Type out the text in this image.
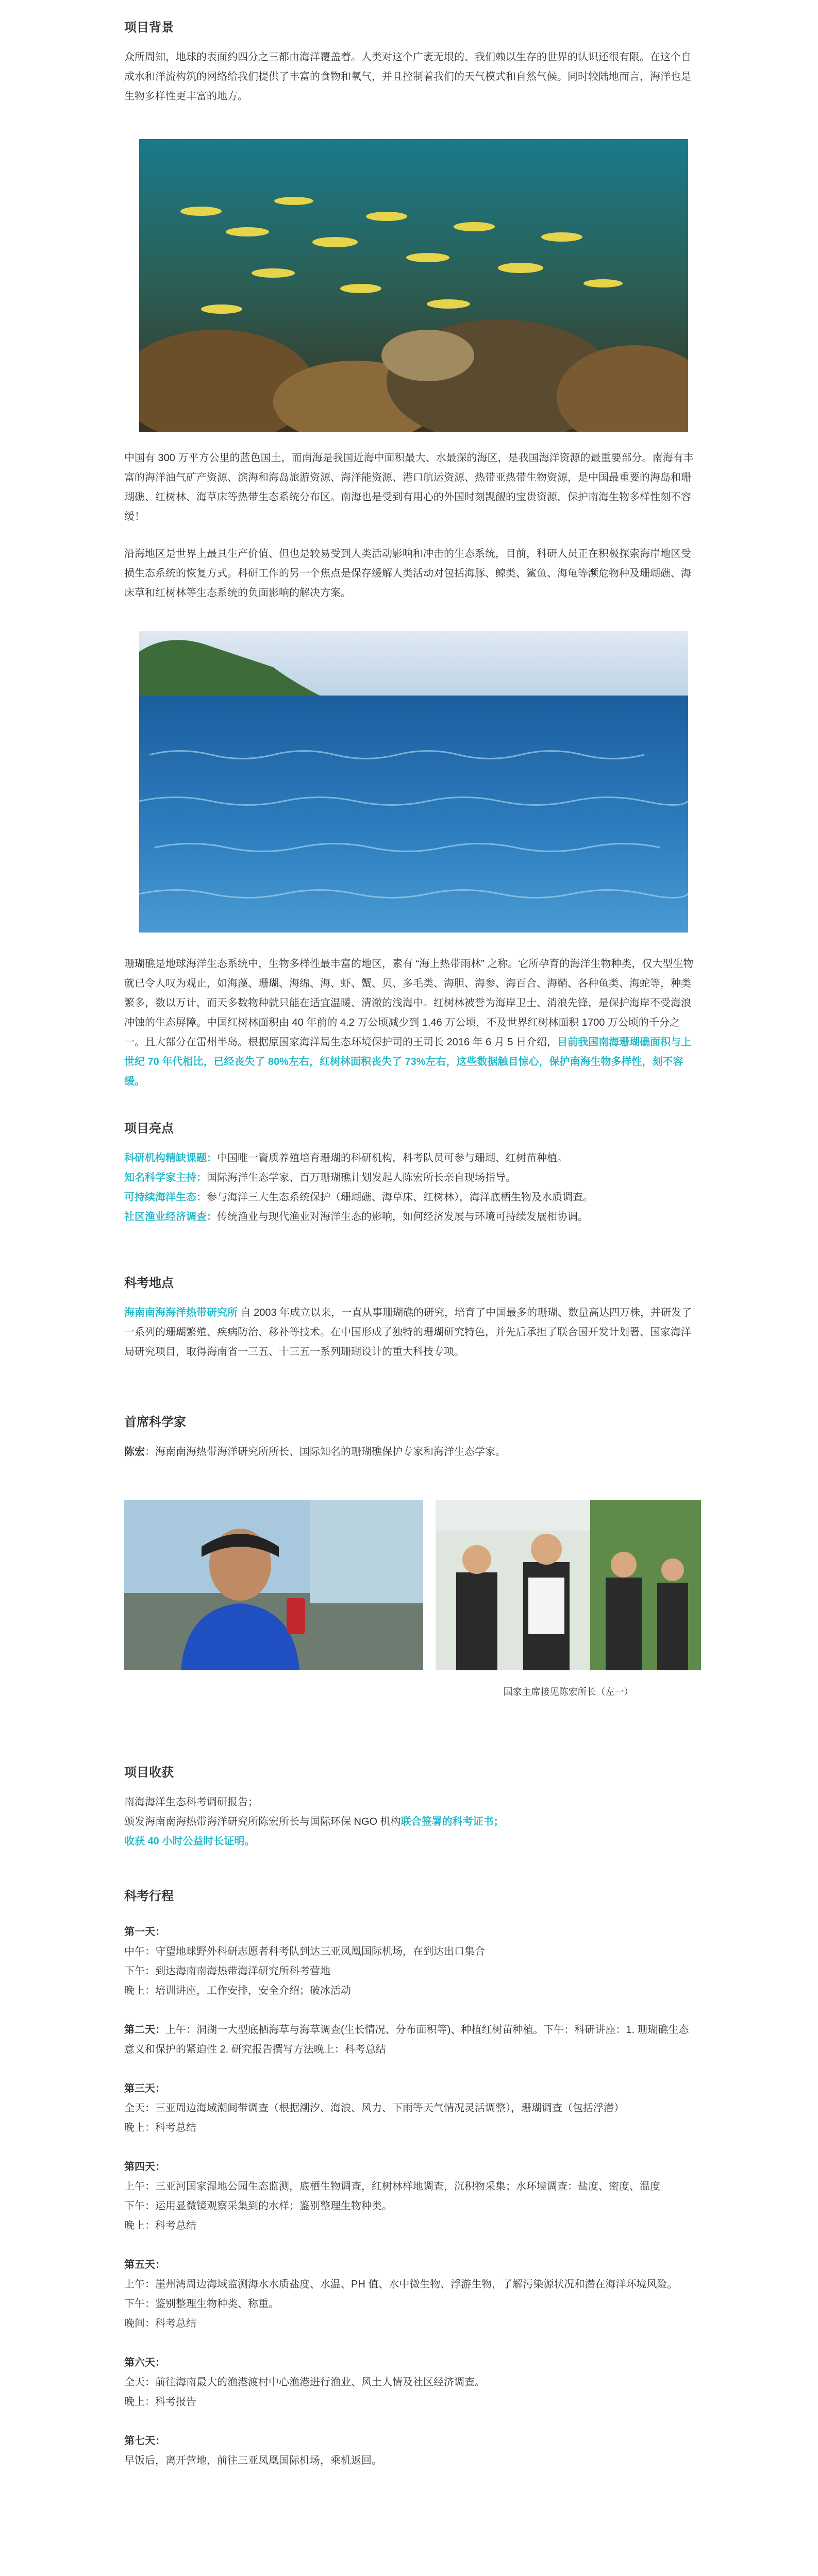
项目背景

众所周知，地球的表面约四分之三都由海洋覆盖着。人类对这个广袤无垠的、我们赖以生存的世界的认识还很有限。在这个自成水和洋流构筑的网络给我们提供了丰富的食物和氧气，并且控制着我们的天气模式和自然气候。同时较陆地而言，海洋也是生物多样性更丰富的地方。

中国有 300 万平方公里的蓝色国土，而南海是我国近海中面积最大、水最深的海区，是我国海洋资源的最重要部分。南海有丰富的海洋油气矿产资源、滨海和海岛旅游资源、海洋能资源、港口航运资源、热带亚热带生物资源，是中国最重要的海岛和珊瑚礁、红树林、海草床等热带生态系统分布区。南海也是受到有用心的外国时刻觊觎的宝贵资源，保护南海生物多样性刻不容缓！

沿海地区是世界上最具生产价值、但也是较易受到人类活动影响和冲击的生态系统，目前，科研人员正在积极探索海岸地区受损生态系统的恢复方式。科研工作的另一个焦点是保存缓解人类活动对包括海豚、鲸类、鲨鱼、海龟等濒危物种及珊瑚礁、海床草和红树林等生态系统的负面影响的解决方案。

珊瑚礁是地球海洋生态系统中，生物多样性最丰富的地区，素有 “海上热带雨林” 之称。它所孕育的海洋生物种类，仅大型生物就已令人叹为观止，如海藻、珊瑚、海绵、海、虾、蟹、贝、多毛类、海胆、海参、海百合、海鞘、各种鱼类、海蛇等，种类繁多，数以万计，而天多数物种就只能在适宜温暖、清澈的浅海中。红树林被誉为海岸卫士、消浪先锋，是保护海岸不受海浪冲蚀的生态屏障。中国红树林面积由 40 年前的 4.2 万公顷减少到 1.46 万公顷，不及世界红树林面积 1700 万公顷的千分之一。且大部分在雷州半岛。根据原国家海洋局生态环境保护司的王司长 2016 年 6 月 5 日介绍，目前我国南海珊瑚礁面积与上世纪 70 年代相比，已经丧失了 80%左右，红树林面积丧失了 73%左右，这些数据触目惊心，保护南海生物多样性，刻不容缓。

项目亮点

科研机构精缺课题：中国唯一資质养殖培育珊瑚的科研机构，科考队员可参与珊瑚、红树苗种植。

知名科学家主持：国际海洋生态学家、百万珊瑚礁计划发起人陈宏所长亲自现场指导。

可持续海洋生态：参与海洋三大生态系统保护（珊瑚礁、海草床、红树林），海洋底栖生物及水质调查。

社区渔业经济调查：传统渔业与现代渔业对海洋生态的影响，如何经济发展与环境可持续发展相协调。

科考地点

海南南海海洋热带研究所 自 2003 年成立以来，一直从事珊瑚礁的研究，培育了中国最多的珊瑚、数量高达四万株，并研发了一系列的珊瑚繁殖、疾病防治、移补等技术。在中国形成了独特的珊瑚研究特色，并先后承担了联合国开发计划署、国家海洋局研究项目，取得海南省一三五、十三五一系列珊瑚设计的重大科技专项。

首席科学家

陈宏：海南南海热带海洋研究所所长、国际知名的珊瑚礁保护专家和海洋生态学家。

国家主席接见陈宏所长（左一）
项目收获

南海海洋生态科考调研报告；

颁发海南南海热带海洋研究所陈宏所长与国际环保 NGO 机构联合签署的科考证书；

收获 40 小时公益时长证明。

科考行程

第一天：

中午：守望地球野外科研志愿者科考队到达三亚凤凰国际机场，在到达出口集合

下午：到达海南南海热带海洋研究所科考营地

晚上：培训讲座，工作安排，安全介绍；破冰活动

第二天：上午：洞湖一大型底栖海草与海草调查(生长情况、分布面积等)、种植红树苗种植。下午：科研讲座：1. 珊瑚礁生态意义和保护的紧迫性 2. 研究报告撰写方法晚上：科考总结

第三天：

全天：三亚周边海域潮间带调查（根据潮汐、海浪、风力、下雨等天气情况灵活调整），珊瑚调查（包括浮潜）

晚上：科考总结

第四天：

上午：三亚河国家湿地公园生态监测，底栖生物调查，红树林样地调查，沉积物采集；水环境调查：盐度、密度、温度

下午：运用显微镜观察采集到的水样；鉴别整理生物种类。

晚上：科考总结

第五天：

上午：崖州湾周边海域监测海水水质盐度、水温、PH 值、水中微生物、浮游生物，了解污染源状况和潜在海洋环境风险。

下午：鉴别整理生物种类、称重。

晚间：科考总结

第六天：

全天：前往海南最大的渔港渡村中心渔港进行渔业、风土人情及社区经济调查。

晚上：科考报告

第七天：

早饭后，离开营地，前往三亚凤凰国际机场，乘机返回。
